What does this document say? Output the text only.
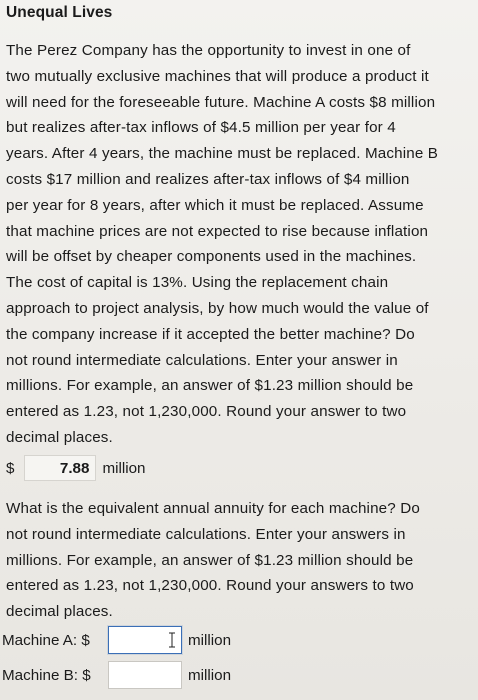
Unequal Lives
The Perez Company has the opportunity to invest in one of
two mutually exclusive machines that will produce a product it
will need for the foreseeable future. Machine A costs $8 million
but realizes after-tax inflows of $4.5 million per year for 4
years. After 4 years, the machine must be replaced. Machine B
costs $17 million and realizes after-tax inflows of $4 million
per year for 8 years, after which it must be replaced. Assume
that machine prices are not expected to rise because inflation
will be offset by cheaper components used in the machines.
The cost of capital is 13%. Using the replacement chain
approach to project analysis, by how much would the value of
the company increase if it accepted the better machine? Do
not round intermediate calculations. Enter your answer in
millions. For example, an answer of $1.23 million should be
entered as 1.23, not 1,230,000. Round your answer to two
decimal places.
$	7.88 million
What is the equivalent annual annuity for each machine? Do
not round intermediate calculations. Enter your answers in
millions. For example, an answer of $1.23 million should be
entered as 1.23, not 1,230,000. Round your answers to two
decimal places.
Machine A: $	million
Machine B: $	million
